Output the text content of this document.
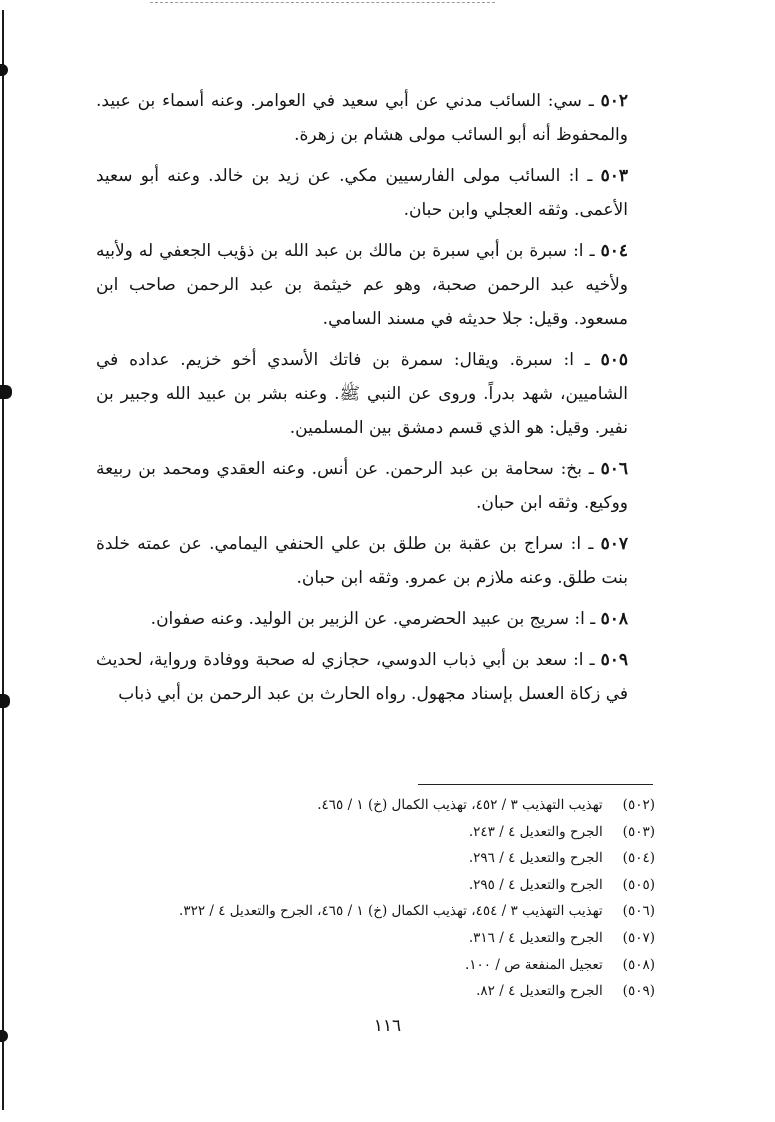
٥٠٢ ـ سي: السائب مدني عن أبي سعيد في العوامر. وعنه أسماء بن عبيد. والمحفوظ أنه أبو السائب مولى هشام بن زهرة.

٥٠٣ ـ ا: السائب مولى الفارسيين مكي. عن زيد بن خالد. وعنه أبو سعيد الأعمى. وثقه العجلي وابن حبان.

٥٠٤ ـ ا: سبرة بن أبي سبرة بن مالك بن عبد الله بن ذؤيب الجعفي له ولأبيه ولأخيه عبد الرحمن صحبة، وهو عم خيثمة بن عبد الرحمن صاحب ابن مسعود. وقيل: جلا حديثه في مسند السامي.

٥٠٥ ـ ا: سبرة. ويقال: سمرة بن فاتك الأسدي أخو خزيم. عداده في الشاميين، شهد بدراً. وروى عن النبي ﷺ. وعنه بشر بن عبيد الله وجبير بن نفير. وقيل: هو الذي قسم دمشق بين المسلمين.

٥٠٦ ـ بخ: سحامة بن عبد الرحمن. عن أنس. وعنه العقدي ومحمد بن ربيعة ووكيع. وثقه ابن حبان.

٥٠٧ ـ ا: سراج بن عقبة بن طلق بن علي الحنفي اليمامي. عن عمته خلدة بنت طلق. وعنه ملازم بن عمرو. وثقه ابن حبان.

٥٠٨ ـ ا: سريج بن عبيد الحضرمي. عن الزبير بن الوليد. وعنه صفوان.

٥٠٩ ـ ا: سعد بن أبي ذباب الدوسي، حجازي له صحبة ووفادة ورواية، لحديث في زكاة العسل بإسناد مجهول. رواه الحارث بن عبد الرحمن بن أبي ذباب

(٥٠٢) تهذيب التهذيب ٣ / ٤٥٢، تهذيب الكمال (خ) ١ / ٤٦٥.
(٥٠٣) الجرح والتعديل ٤ / ٢٤٣.
(٥٠٤) الجرح والتعديل ٤ / ٢٩٦.
(٥٠٥) الجرح والتعديل ٤ / ٢٩٥.
(٥٠٦) تهذيب التهذيب ٣ / ٤٥٤، تهذيب الكمال (خ) ١ / ٤٦٥، الجرح والتعديل ٤ / ٣٢٢.
(٥٠٧) الجرح والتعديل ٤ / ٣١٦.
(٥٠٨) تعجيل المنفعة ص / ١٠٠.
(٥٠٩) الجرح والتعديل ٤ / ٨٢.
١١٦
